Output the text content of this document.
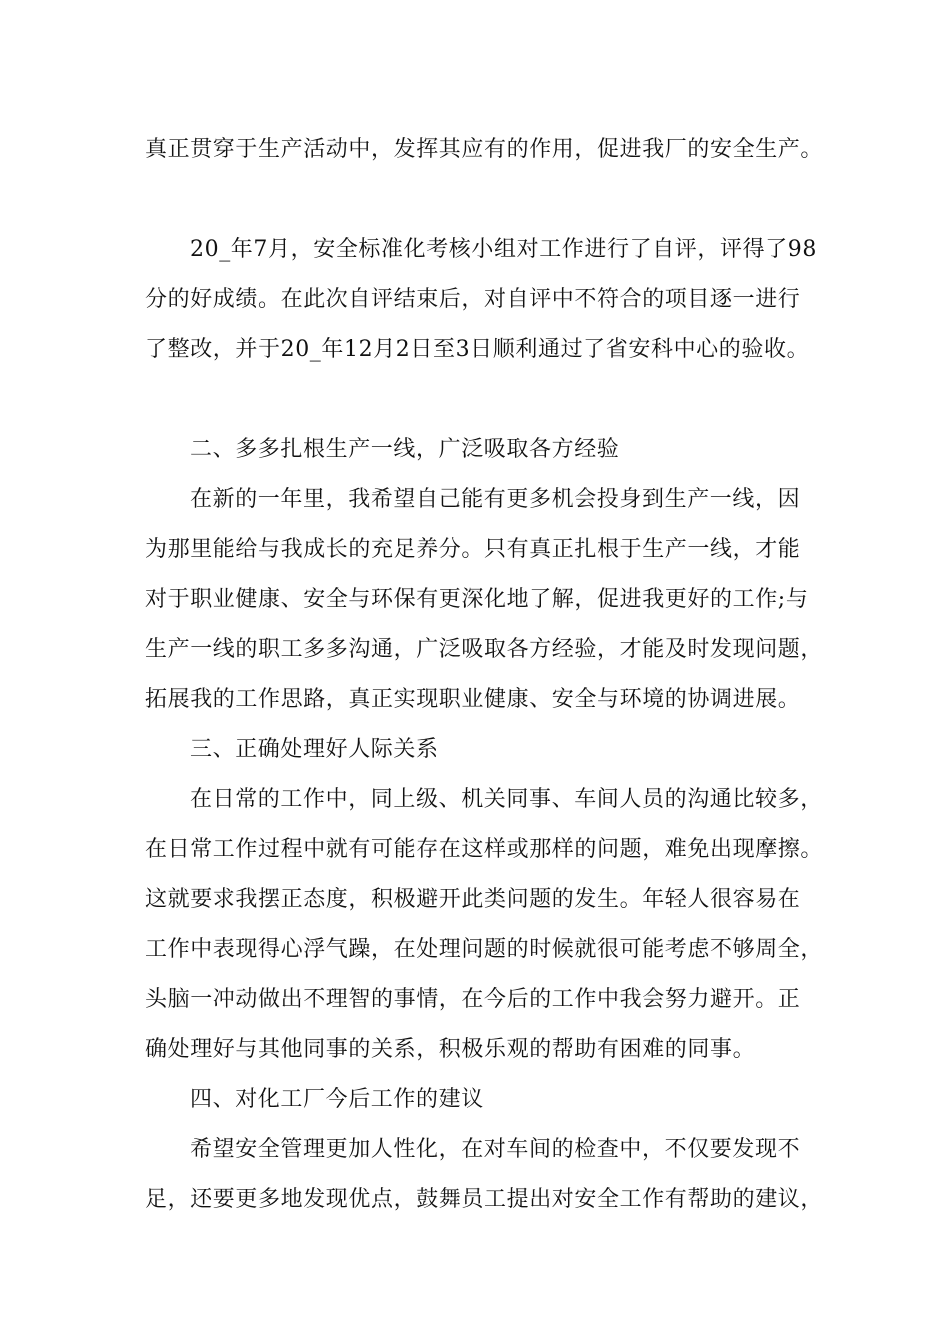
真正贯穿于生产活动中，发挥其应有的作用，促进我厂的安全生产。

20_年7月，安全标准化考核小组对工作进行了自评，评得了98

分的好成绩。在此次自评结束后，对自评中不符合的项目逐一进行

了整改，并于20_年12月2日至3日顺利通过了省安科中心的验收。

二、多多扎根生产一线，广泛吸取各方经验

在新的一年里，我希望自己能有更多机会投身到生产一线，因

为那里能给与我成长的充足养分。只有真正扎根于生产一线，才能

对于职业健康、安全与环保有更深化地了解，促进我更好的工作;与

生产一线的职工多多沟通，广泛吸取各方经验，才能及时发现问题，

拓展我的工作思路，真正实现职业健康、安全与环境的协调进展。

三、正确处理好人际关系

在日常的工作中，同上级、机关同事、车间人员的沟通比较多，

在日常工作过程中就有可能存在这样或那样的问题，难免出现摩擦。

这就要求我摆正态度，积极避开此类问题的发生。年轻人很容易在

工作中表现得心浮气躁，在处理问题的时候就很可能考虑不够周全，

头脑一冲动做出不理智的事情，在今后的工作中我会努力避开。正

确处理好与其他同事的关系，积极乐观的帮助有困难的同事。

四、对化工厂今后工作的建议

希望安全管理更加人性化，在对车间的检查中，不仅要发现不

足，还要更多地发现优点，鼓舞员工提出对安全工作有帮助的建议，
